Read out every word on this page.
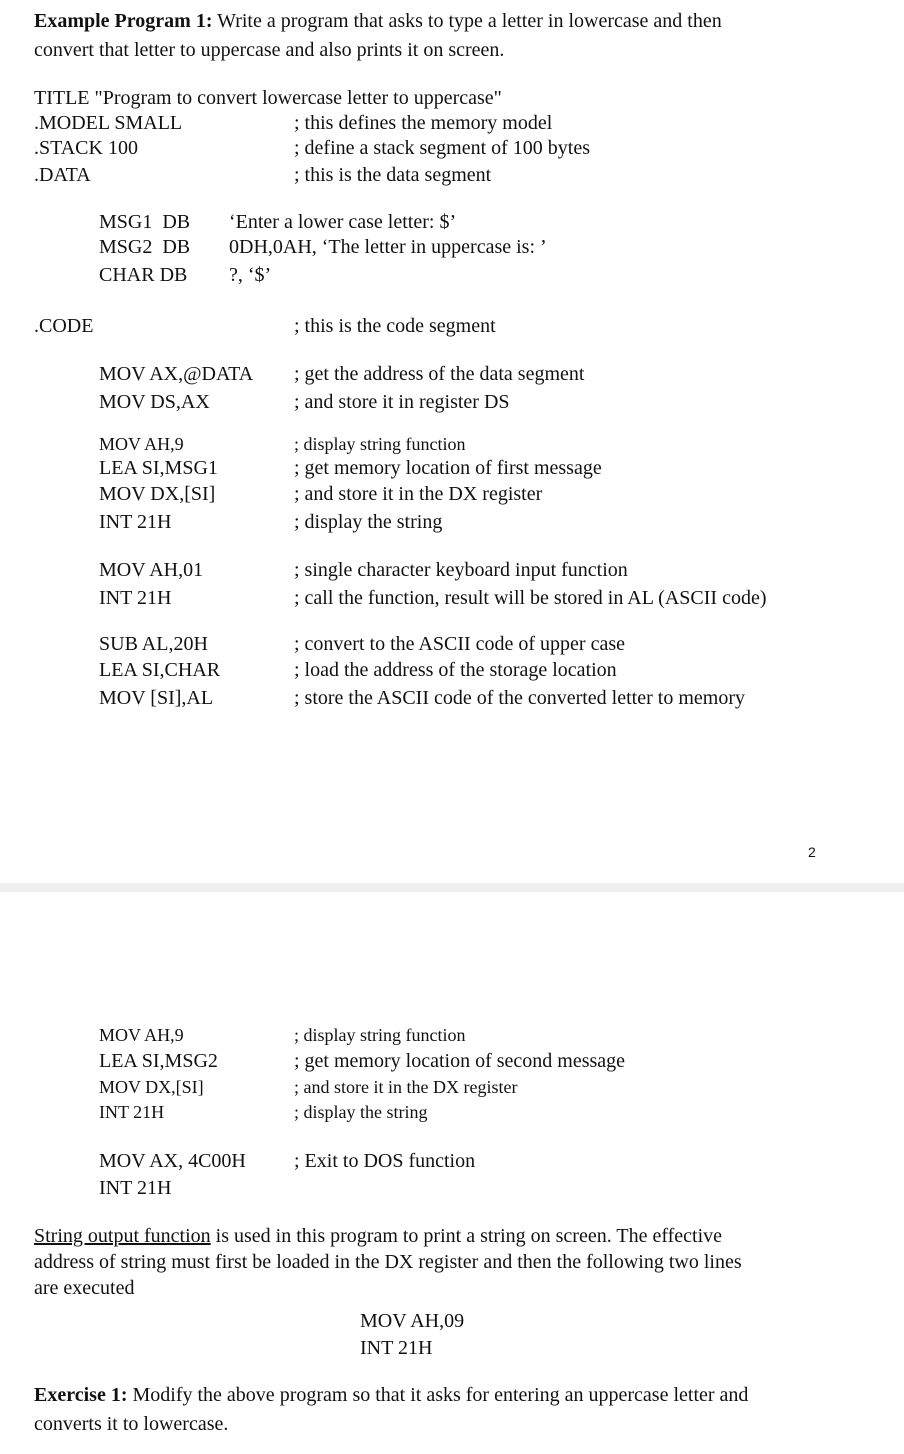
Example Program 1: Write a program that asks to type a letter in lowercase and then
convert that letter to uppercase and also prints it on screen.
TITLE "Program to convert lowercase letter to uppercase"
.MODEL SMALL	; this defines the memory model
.STACK 100	; define a stack segment of 100 bytes
.DATA	; this is the data segment
MSG1  DB ‘Enter a lower case letter: $’
MSG2  DB 0DH,0AH, ‘The letter in uppercase is: ’
CHAR DB ?, ‘$’
.CODE	; this is the code segment
MOV AX,@DATA ; get the address of the data segment
MOV DS,AX	; and store it in register DS
MOV AH,9	; display string function
LEA SI,MSG1	; get memory location of first message
MOV DX,[SI]	; and store it in the DX register
INT 21H	; display the string
MOV AH,01	; single character keyboard input function
INT 21H	; call the function, result will be stored in AL (ASCII code)
SUB AL,20H	; convert to the ASCII code of upper case
LEA SI,CHAR	; load the address of the storage location
MOV [SI],AL	; store the ASCII code of the converted letter to memory
2
MOV AH,9	; display string function
LEA SI,MSG2	; get memory location of second message
MOV DX,[SI]	; and store it in the DX register
INT 21H	; display the string
MOV AX, 4C00H ; Exit to DOS function
INT 21H
String output function is used in this program to print a string on screen. The effective
address of string must first be loaded in the DX register and then the following two lines
are executed
MOV AH,09
INT 21H
Exercise 1: Modify the above program so that it asks for entering an uppercase letter and
converts it to lowercase.
